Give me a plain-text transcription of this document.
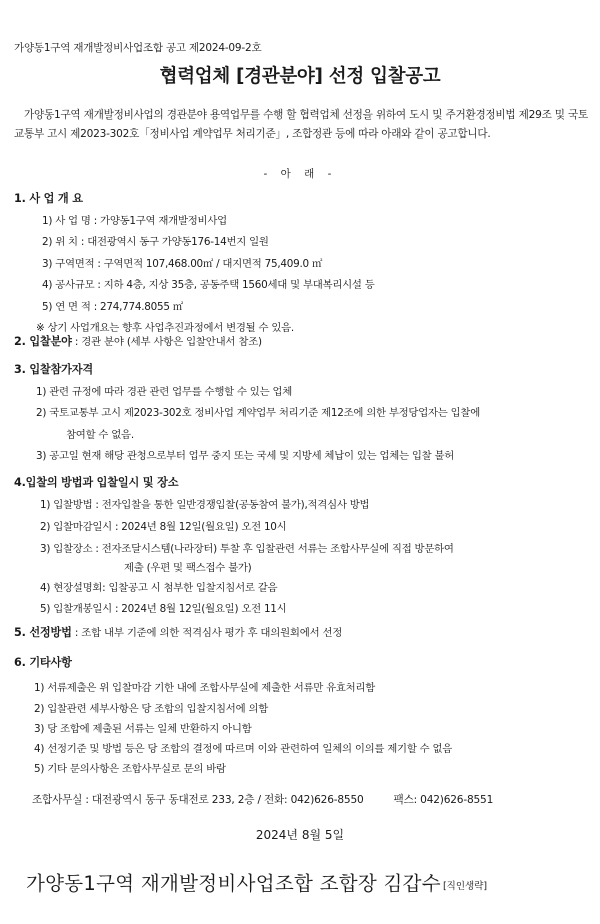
가양동1구역 재개발정비사업조합 공고 제2024-09-2호
협력업체 [경관분야] 선정 입찰공고
가양동1구역 재개발정비사업의 경관분야 용역업무를 수행 할 협력업체 선정을 위하여 도시 및 주거환경정비법 제29조 및 국토교통부 고시 제2023-302호「정비사업 계약업무 처리기준」, 조합정관 등에 따라 아래와 같이 공고합니다.
- 아 래 -
1. 사 업 개 요
1) 사 업 명 : 가양동1구역 재개발정비사업
2) 위 치 : 대전광역시 동구 가양동176-14번지 일원
3) 구역면적 : 구역면적 107,468.00㎡ / 대지면적 75,409.0 ㎡
4) 공사규모 : 지하 4층, 지상 35층, 공동주택 1560세대 및 부대복리시설 등
5) 연 면 적 : 274,774.8055 ㎡
※ 상기 사업개요는 향후 사업추진과정에서 변경될 수 있음.
2. 입찰분야 : 경관 분야 (세부 사항은 입찰안내서 참조)
3. 입찰참가자격
1) 관련 규정에 따라 경관 관련 업무를 수행할 수 있는 업체
2) 국토교통부 고시 제2023-302호 정비사업 계약업무 처리기준 제12조에 의한 부정당업자는 입찰에
참여할 수 없음.
3) 공고일 현재 해당 관청으로부터 업무 중지 또는 국세 및 지방세 체납이 있는 업체는 입찰 불허
4.입찰의 방법과 입찰일시 및 장소
1) 입찰방법 : 전자입찰을 통한 일반경쟁입찰(공동참여 불가),적격심사 방법
2) 입찰마감일시 : 2024년 8월 12일(월요일) 오전 10시
3) 입찰장소 : 전자조달시스템(나라장터) 투찰 후 입찰관련 서류는 조합사무실에 직접 방문하여
제출 (우편 및 팩스접수 불가)
4) 현장설명회: 입찰공고 시 첨부한 입찰지침서로 갈음
5) 입찰개봉일시 : 2024년 8월 12일(월요일) 오전 11시
5. 선정방법 : 조합 내부 기준에 의한 적격심사 평가 후 대의원회에서 선정
6. 기타사항
1) 서류제출은 위 입찰마감 기한 내에 조합사무실에 제출한 서류만 유효처리함
2) 입찰관련 세부사항은 당 조합의 입찰지침서에 의함
3) 당 조합에 제출된 서류는 일체 반환하지 아니함
4) 선정기준 및 방법 등은 당 조합의 결정에 따르며 이와 관련하여 일체의 이의를 제기할 수 없음
5) 기타 문의사항은 조합사무실로 문의 바람
조합사무실 : 대전광역시 동구 동대전로 233, 2층 / 전화: 042)626-8550	팩스: 042)626-8551
2024년 8월 5일
가양동1구역 재개발정비사업조합 조합장 김갑수 [직인생략]
